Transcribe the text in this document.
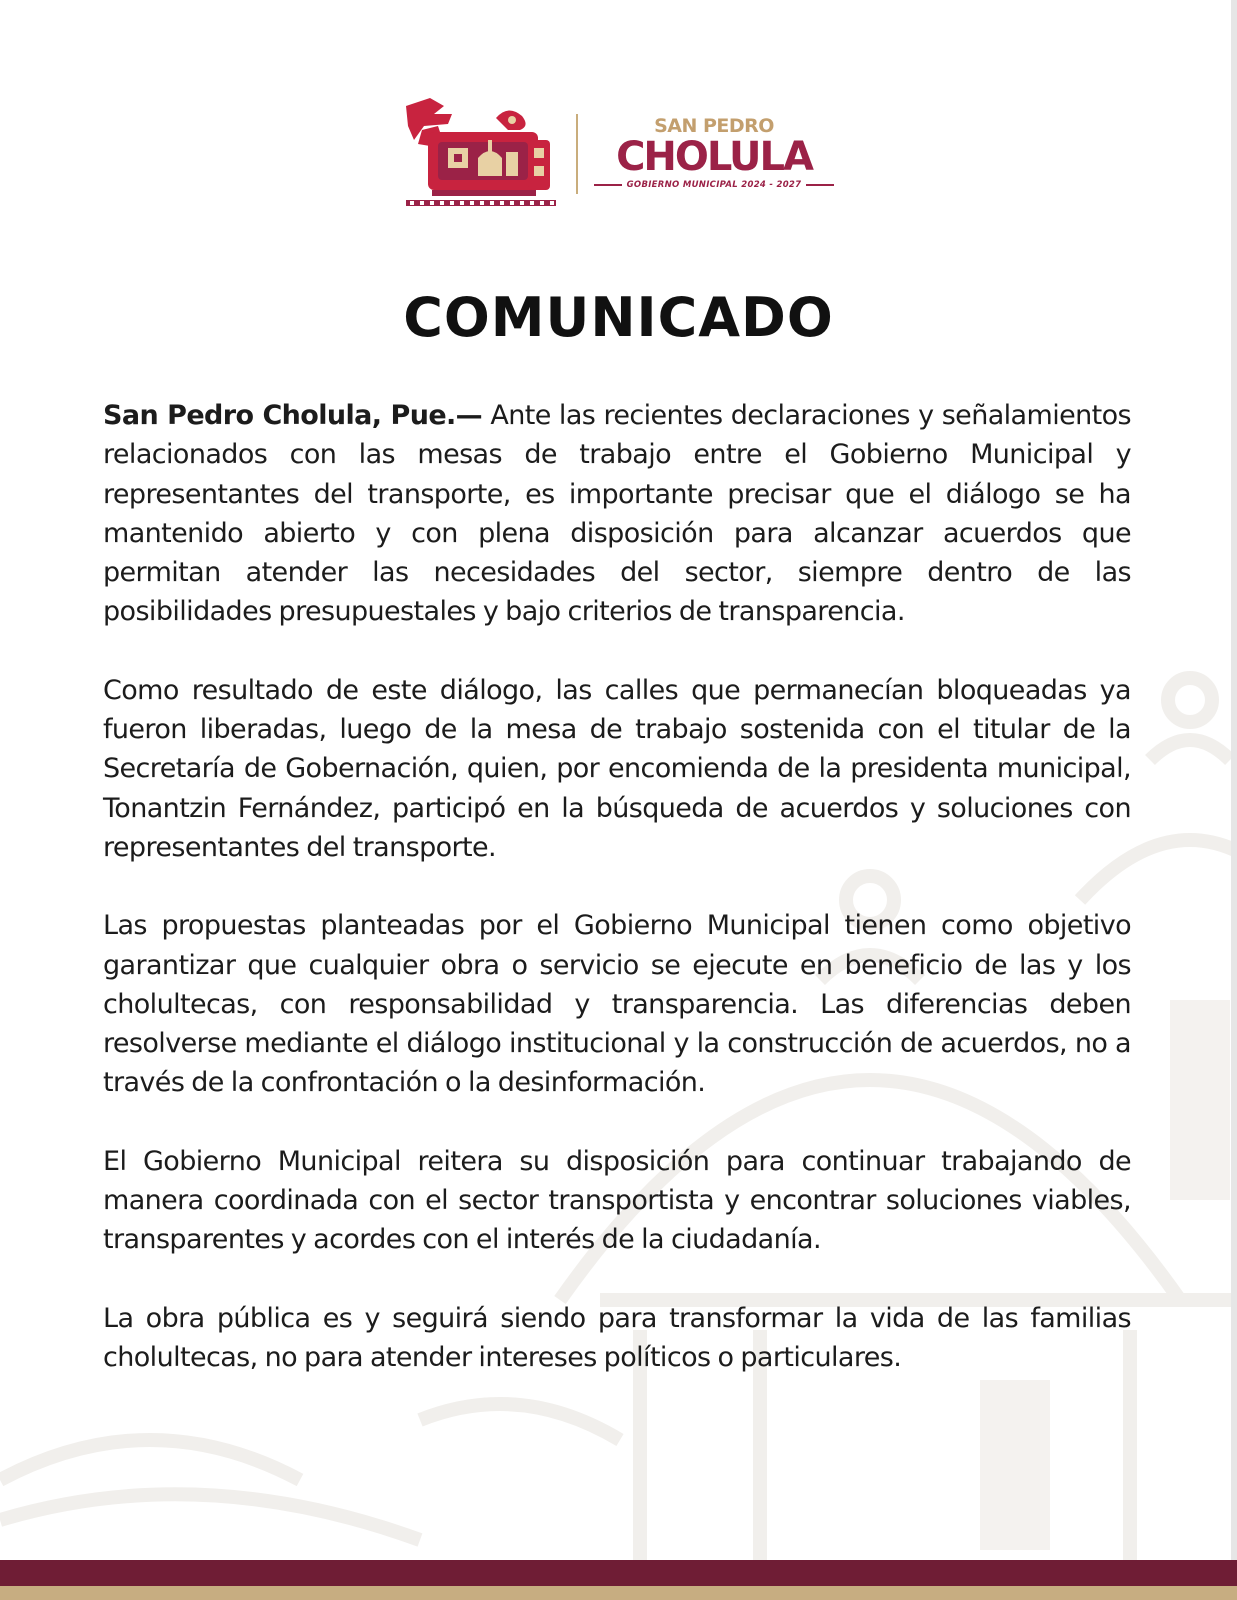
SAN PEDRO
CHOLULA
GOBIERNO MUNICIPAL 2024 - 2027
COMUNICADO

San Pedro Cholula, Pue.— Ante las recientes declaraciones y señalamientos relacionados con las mesas de trabajo entre el Gobierno Municipal y representantes del transporte, es importante precisar que el diálogo se ha mantenido abierto y con plena disposición para alcanzar acuerdos que permitan atender las necesidades del sector, siempre dentro de las posibilidades presupuestales y bajo criterios de transparencia.

Como resultado de este diálogo, las calles que permanecían bloqueadas ya fueron liberadas, luego de la mesa de trabajo sostenida con el titular de la Secretaría de Gobernación, quien, por encomienda de la presidenta municipal, Tonantzin Fernández, participó en la búsqueda de acuerdos y soluciones con representantes del transporte.

Las propuestas planteadas por el Gobierno Municipal tienen como objetivo garantizar que cualquier obra o servicio se ejecute en beneficio de las y los cholultecas, con responsabilidad y transparencia. Las diferencias deben resolverse mediante el diálogo institucional y la construcción de acuerdos, no a través de la confrontación o la desinformación.

El Gobierno Municipal reitera su disposición para continuar trabajando de manera coordinada con el sector transportista y encontrar soluciones viables, transparentes y acordes con el interés de la ciudadanía.

La obra pública es y seguirá siendo para transformar la vida de las familias cholultecas, no para atender intereses políticos o particulares.
